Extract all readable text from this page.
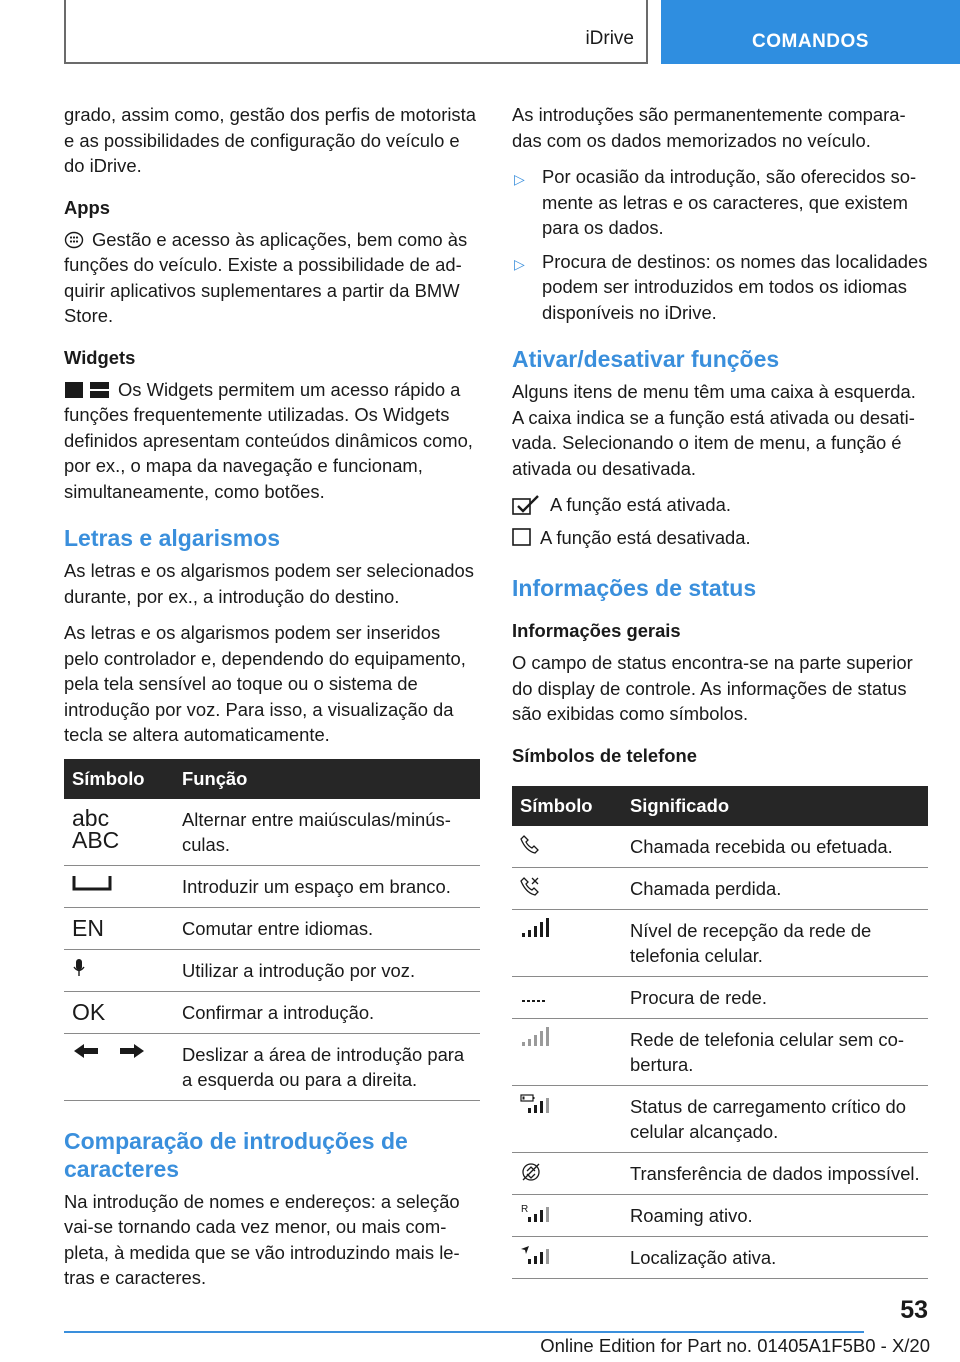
iDrive	COMANDOS

grado, assim como, gestão dos perfis de motorista e as possibilidades de configuração do veículo e do iDrive.

Apps

Gestão e acesso às aplicações, bem como às funções do veículo. Existe a possibilidade de adquirir aplicativos suplementares a partir da BMW Store.

Widgets

Os Widgets permitem um acesso rápido a funções frequentemente utilizadas. Os Widgets definidos apresentam conteúdos dinâmicos como, por ex., o mapa da navegação e funcionam, simultaneamente, como botões.

Letras e algarismos

As letras e os algarismos podem ser selecionados durante, por ex., a introdução do destino.

As letras e os algarismos podem ser inseridos pelo controlador e, dependendo do equipamento, pela tela sensível ao toque ou o sistema de introdução por voz. Para isso, a visualização da tecla se altera automaticamente.

Símbolo	Função

abc
ABC	Alternar entre maiúsculas/minúsculas.

	Introduzir um espaço em branco.
EN	Comutar entre idiomas.

	Utilizar a introdução por voz.
OK	Confirmar a introdução.

	Deslizar a área de introdução para a esquerda ou para a direita.
Comparação de introduções de caracteres

Na introdução de nomes e endereços: a seleção vai-se tornando cada vez menor, ou mais completa, à medida que se vão introduzindo mais letras e caracteres.

As introduções são permanentemente comparadas com os dados memorizados no veículo.

▷ Por ocasião da introdução, são oferecidos somente as letras e os caracteres, que existem para os dados.
▷ Procura de destinos: os nomes das localidades podem ser introduzidos em todos os idiomas disponíveis no iDrive.
Ativar/desativar funções

Alguns itens de menu têm uma caixa à esquerda. A caixa indica se a função está ativada ou desativada. Selecionando o item de menu, a função é ativada ou desativada.

A função está ativada.
A função está desativada.
Informações de status
Informações gerais

O campo de status encontra-se na parte superior do display de controle. As informações de status são exibidas como símbolos.

Símbolos de telefone
Símbolo	Significado

	Chamada recebida ou efetuada.

	Chamada perdida.

	Nível de recepção da rede de telefonia celular.

	Procura de rede.

	Rede de telefonia celular sem cobertura.

	Status de carregamento crítico do celular alcançado.

	Transferência de dados impossível.

R	Roaming ativo.

	Localização ativa.
53
Online Edition for Part no. 01405A1F5B0 - X/20
